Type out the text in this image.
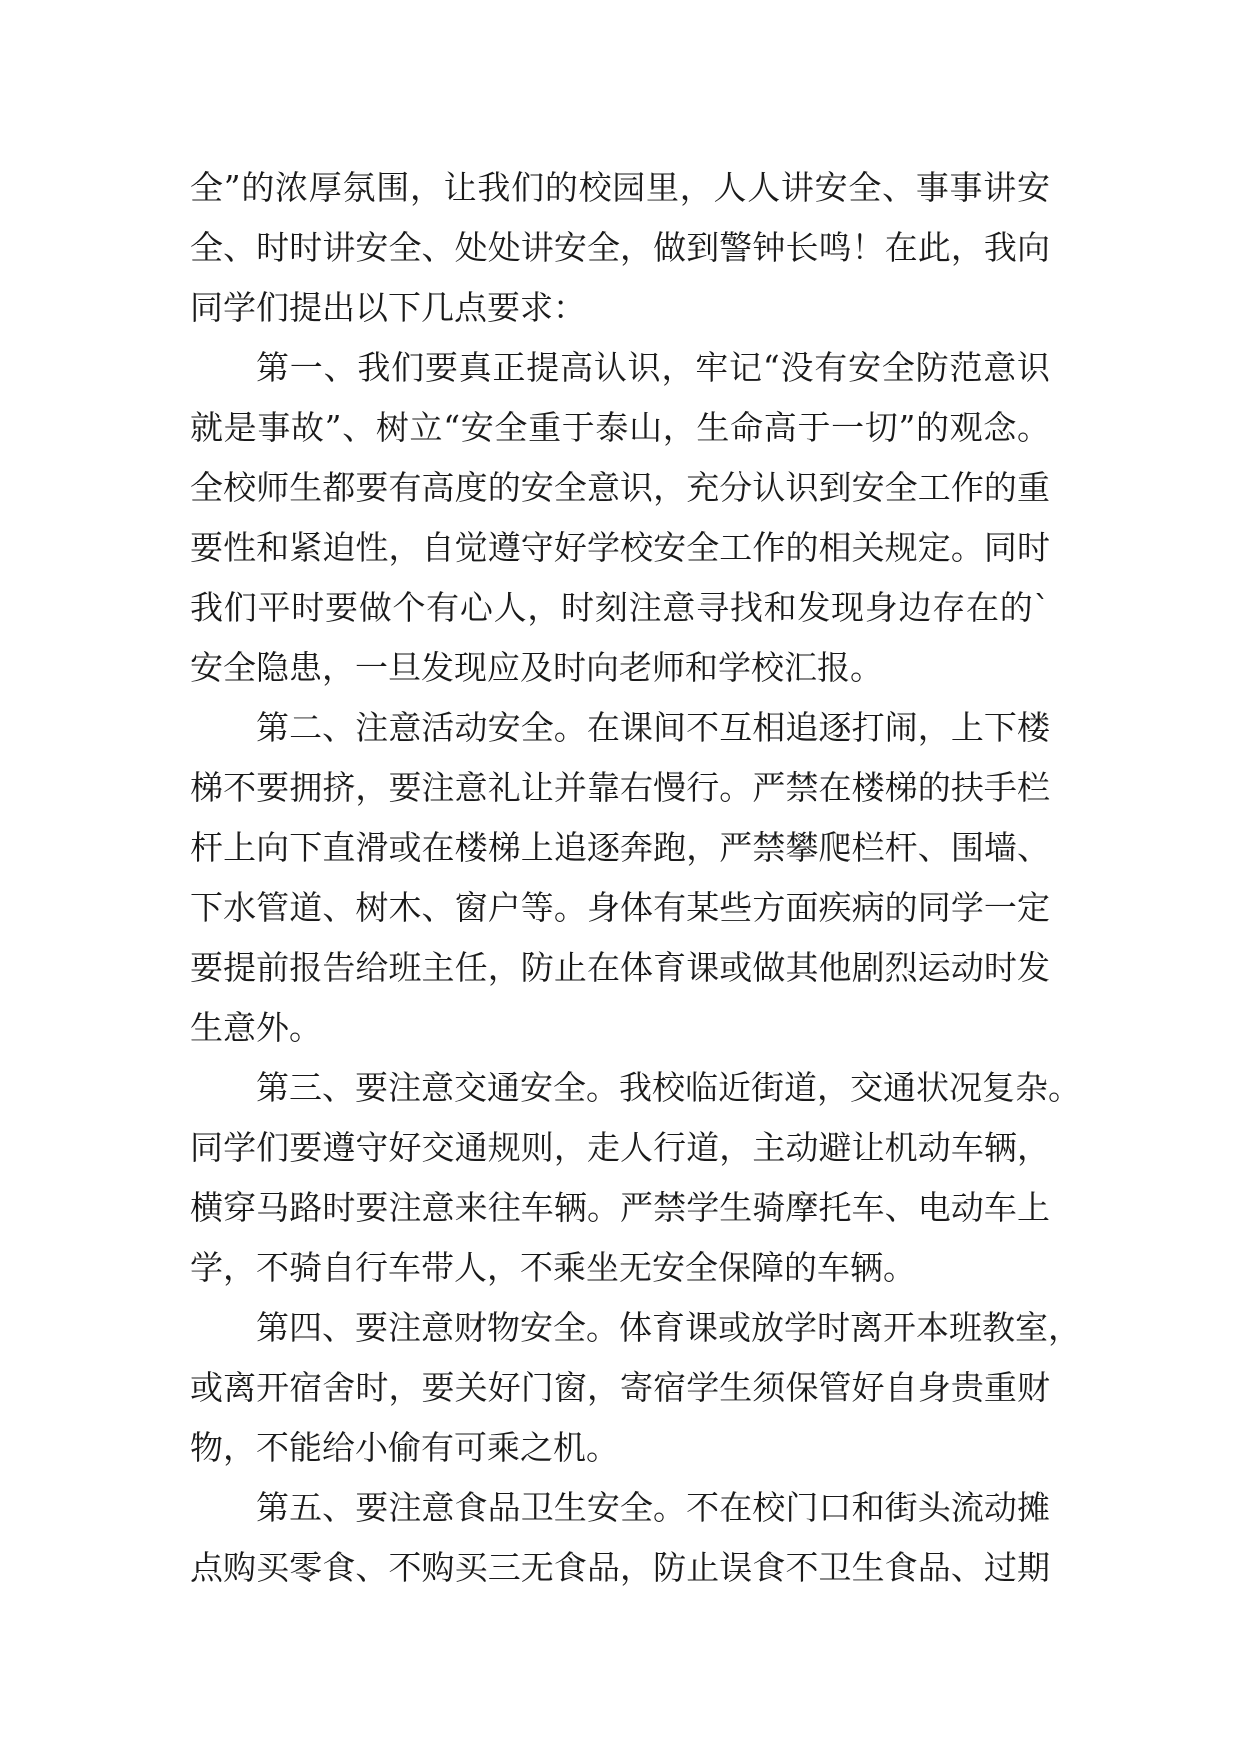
全”的浓厚氛围，让我们的校园里，人人讲安全、事事讲安
全、时时讲安全、处处讲安全，做到警钟长鸣！在此，我向
同学们提出以下几点要求：
第一、我们要真正提高认识，牢记“没有安全防范意识
就是事故”、树立“安全重于泰山，生命高于一切”的观念。
全校师生都要有高度的安全意识，充分认识到安全工作的重
要性和紧迫性，自觉遵守好学校安全工作的相关规定。同时
我们平时要做个有心人，时刻注意寻找和发现身边存在的`
安全隐患，一旦发现应及时向老师和学校汇报。
第二、注意活动安全。在课间不互相追逐打闹，上下楼
梯不要拥挤，要注意礼让并靠右慢行。严禁在楼梯的扶手栏
杆上向下直滑或在楼梯上追逐奔跑，严禁攀爬栏杆、围墙、
下水管道、树木、窗户等。身体有某些方面疾病的同学一定
要提前报告给班主任，防止在体育课或做其他剧烈运动时发
生意外。
第三、要注意交通安全。我校临近街道，交通状况复杂。
同学们要遵守好交通规则，走人行道，主动避让机动车辆，
横穿马路时要注意来往车辆。严禁学生骑摩托车、电动车上
学，不骑自行车带人，不乘坐无安全保障的车辆。
第四、要注意财物安全。体育课或放学时离开本班教室，
或离开宿舍时，要关好门窗，寄宿学生须保管好自身贵重财
物，不能给小偷有可乘之机。
第五、要注意食品卫生安全。不在校门口和街头流动摊
点购买零食、不购买三无食品，防止误食不卫生食品、过期
